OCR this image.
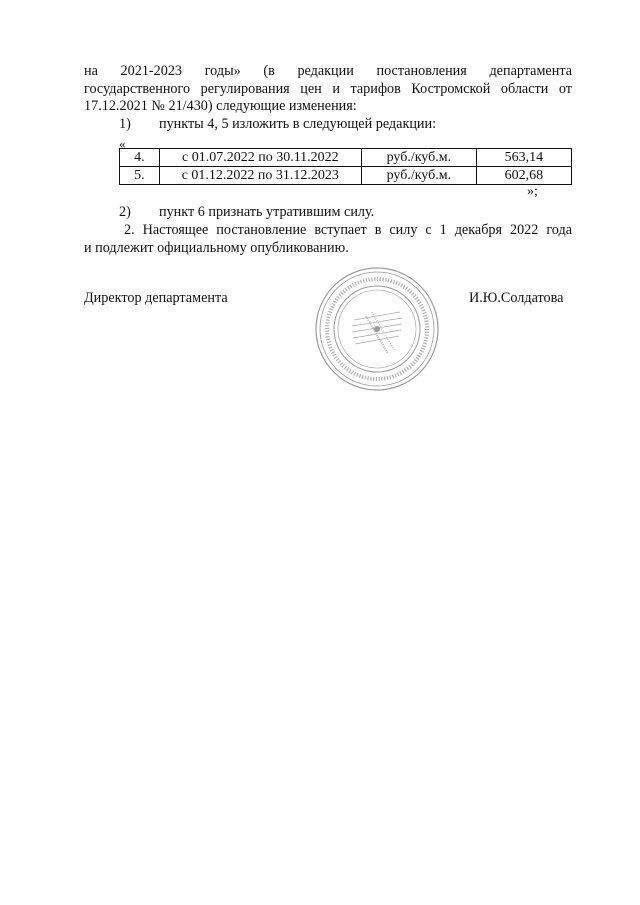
на 2021-2023 годы» (в редакции постановления департамента
государственного регулирования цен и тарифов Костромской области от
17.12.2021 № 21/430) следующие изменения:
1) пункты 4, 5 изложить в следующей редакции:
«
4.	с 01.07.2022 по 30.11.2022	руб./куб.м.	563,14
5.	с 01.12.2022 по 31.12.2023	руб./куб.м.	602,68
»;
2) пункт 6 признать утратившим силу.
2. Настоящее постановление вступает в силу с 1 декабря 2022 года
и подлежит официальному опубликованию.
Директор департамента	И.Ю.Солдатова
